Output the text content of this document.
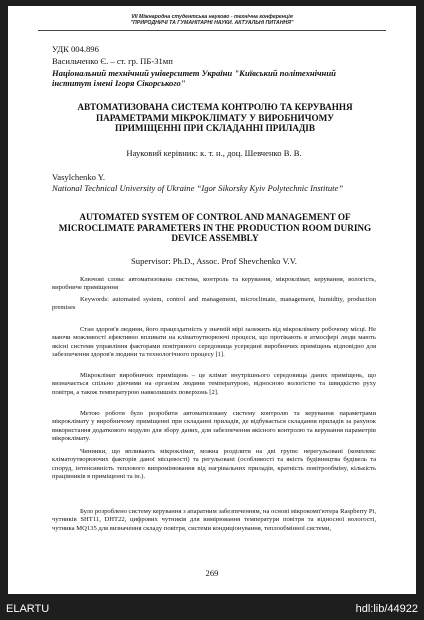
VII Міжнародна студентська науково - технічна конференція
"ПРИРОДНИЧІ ТА ГУМАНІТАРНІ НАУКИ. АКТУАЛЬНІ ПИТАННЯ"
УДК 004.896
Васильченко Є. – ст. гр. ПБ-31мп
Національний технічний університет України "Київський політехнічний інститут імені Ігоря Сікорського"
АВТОМАТИЗОВАНА СИСТЕМА КОНТРОЛЮ ТА КЕРУВАННЯ ПАРАМЕТРАМИ МІКРОКЛІМАТУ У ВИРОБНИЧОМУ ПРИМІЩЕННІ ПРИ СКЛАДАННІ ПРИЛАДІВ
Науковий керівник: к. т. н., доц. Шевченко В. В.
Vasylchenko Y.
National Technical University of Ukraine “Igor Sikorsky Kyiv Polytechnic Institute”
AUTOMATED SYSTEM OF CONTROL AND MANAGEMENT OF MICROCLIMATE PARAMETERS IN THE PRODUCTION ROOM DURING DEVICE ASSEMBLY
Supervisor: Ph.D., Assoc. Prof Shevchenko V.V.

Ключові слова: автоматизована система, контроль та керування, мікроклімат, керування, вологість, виробниче приміщення

Keywords: automated system, control and management, microclimate, management, humidity, production premises

Стан здоров'я людини, його працездатність у значній мірі залежить від мікроклімату робочому місці. Не маючи можливості ефективно впливати на кліматоутворюючі процеси, що протікають в атмосфері люди мають якісні системи управління факторами повітряного середовища усередині виробничих приміщень відповідно для забезпечення здоров'я людини та технологічного процесу [1].

Мікроклімат виробничих приміщень – це клімат внутрішнього середовища даних приміщень, що визначається спільно діючими на організм людини температурою, відносною вологістю та швидкістю руху повітря, а також температурою навколишніх поверхонь [2].

Метою роботи було розробити автоматизовану систему контролю та керування параметрами мікроклімату у виробничому приміщенні при складанні приладів, де відбувається складання приладів за рахунок використання додаткового модулю для збору даних, для забезпечення якісного контролю та керування параметрів мікроклімату.

Чинники, що впливають мікроклімат, можна розділити на дві групи: нерегульовані (комплекс кліматоутворюючих факторів даної місцевості) та регульовані (особливості та якість будівництва будівель та споруд, інтенсивність теплового випромінювання від нагрівальних приладів, кратність повітрообміну, кількість працівників в приміщенні та ін.).

Було розроблено систему керування з апаратним забезпеченням, на основі мікрокомп'ютера Raspberry Pi, чутників SHT11, DHT22, цифрових чутників для вимірювання температури повітря та відносної вологості, чутника MQ135 для визначення складу повітря, системи кондиціонування, теплообмінної системи,

269
ELARTU	hdl:lib/44922
